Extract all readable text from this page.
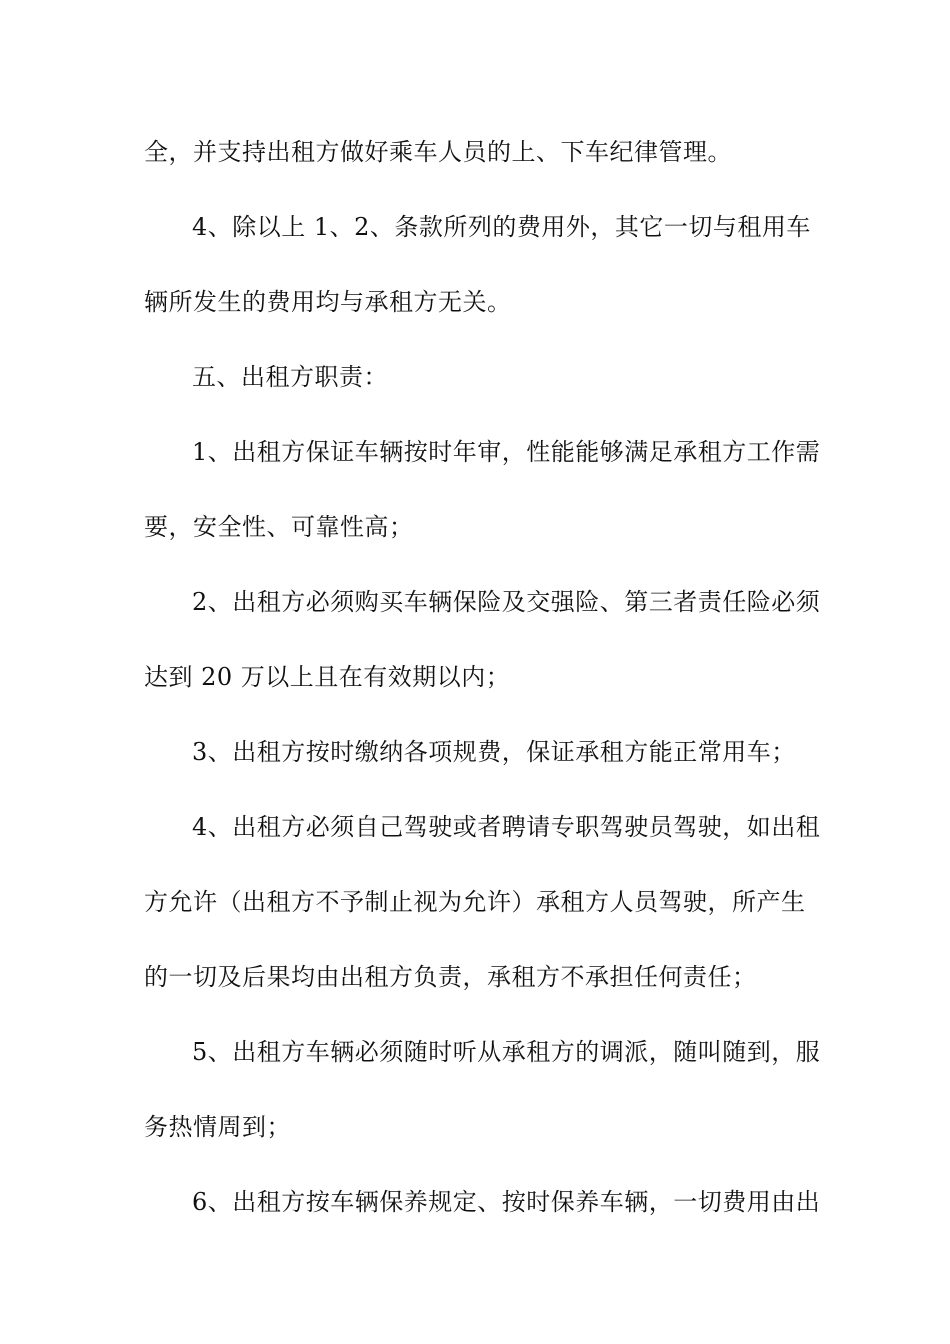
全，并支持出租方做好乘车人员的上、下车纪律管理。
4、除以上 1、2、条款所列的费用外，其它一切与租用车
辆所发生的费用均与承租方无关。
五、出租方职责：
1、出租方保证车辆按时年审，性能能够满足承租方工作需
要，安全性、可靠性高；
2、出租方必须购买车辆保险及交强险、第三者责任险必须
达到 20 万以上且在有效期以内；
3、出租方按时缴纳各项规费，保证承租方能正常用车；
4、出租方必须自己驾驶或者聘请专职驾驶员驾驶，如出租
方允许（出租方不予制止视为允许）承租方人员驾驶，所产生
的一切及后果均由出租方负责，承租方不承担任何责任；
5、出租方车辆必须随时听从承租方的调派，随叫随到，服
务热情周到；
6、出租方按车辆保养规定、按时保养车辆，一切费用由出
